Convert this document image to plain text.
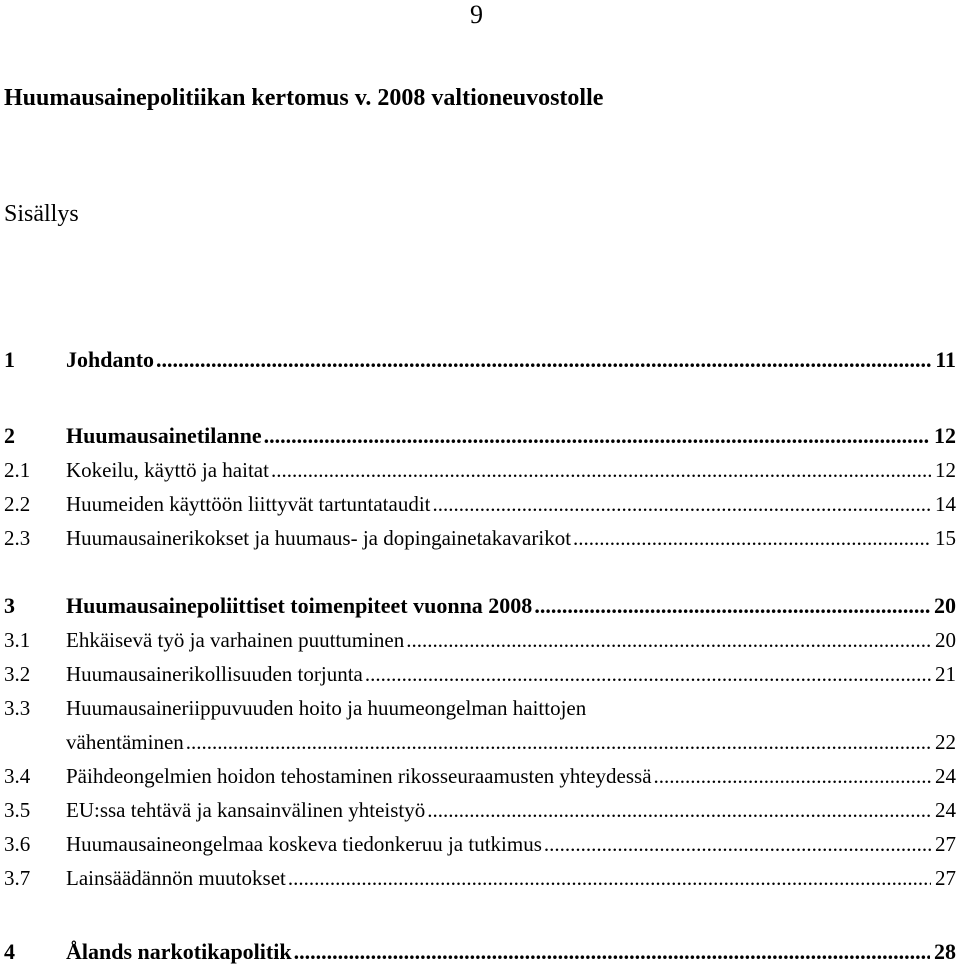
9
Huumausainepolitiikan kertomus v. 2008 valtioneuvostolle
Sisällys
1	Johdanto .....	11
2	Huumausainetilanne .....	12
2.1	Kokeilu, käyttö ja haitat .....	12
2.2	Huumeiden käyttöön liittyvät tartuntataudit .....	14
2.3	Huumausainerikokset ja huumaus- ja dopingainetakavarikot .....	15
3	Huumausainepoliittiset toimenpiteet vuonna 2008 .....	20
3.1	Ehkäisevä työ ja varhainen puuttuminen .....	20
3.2	Huumausainerikollisuuden torjunta .....	21
3.3	Huumausaineriippuvuuden hoito ja huumeongelman haittojen
vähentäminen .....	22
3.4	Päihdeongelmien hoidon tehostaminen rikosseuraamusten yhteydessä .....	24
3.5	EU:ssa tehtävä ja kansainvälinen yhteistyö .....	24
3.6	Huumausaineongelmaa koskeva tiedonkeruu ja tutkimus .....	27
3.7	Lainsäädännön muutokset .....	27
4	Ålands narkotikapolitik .....	28
